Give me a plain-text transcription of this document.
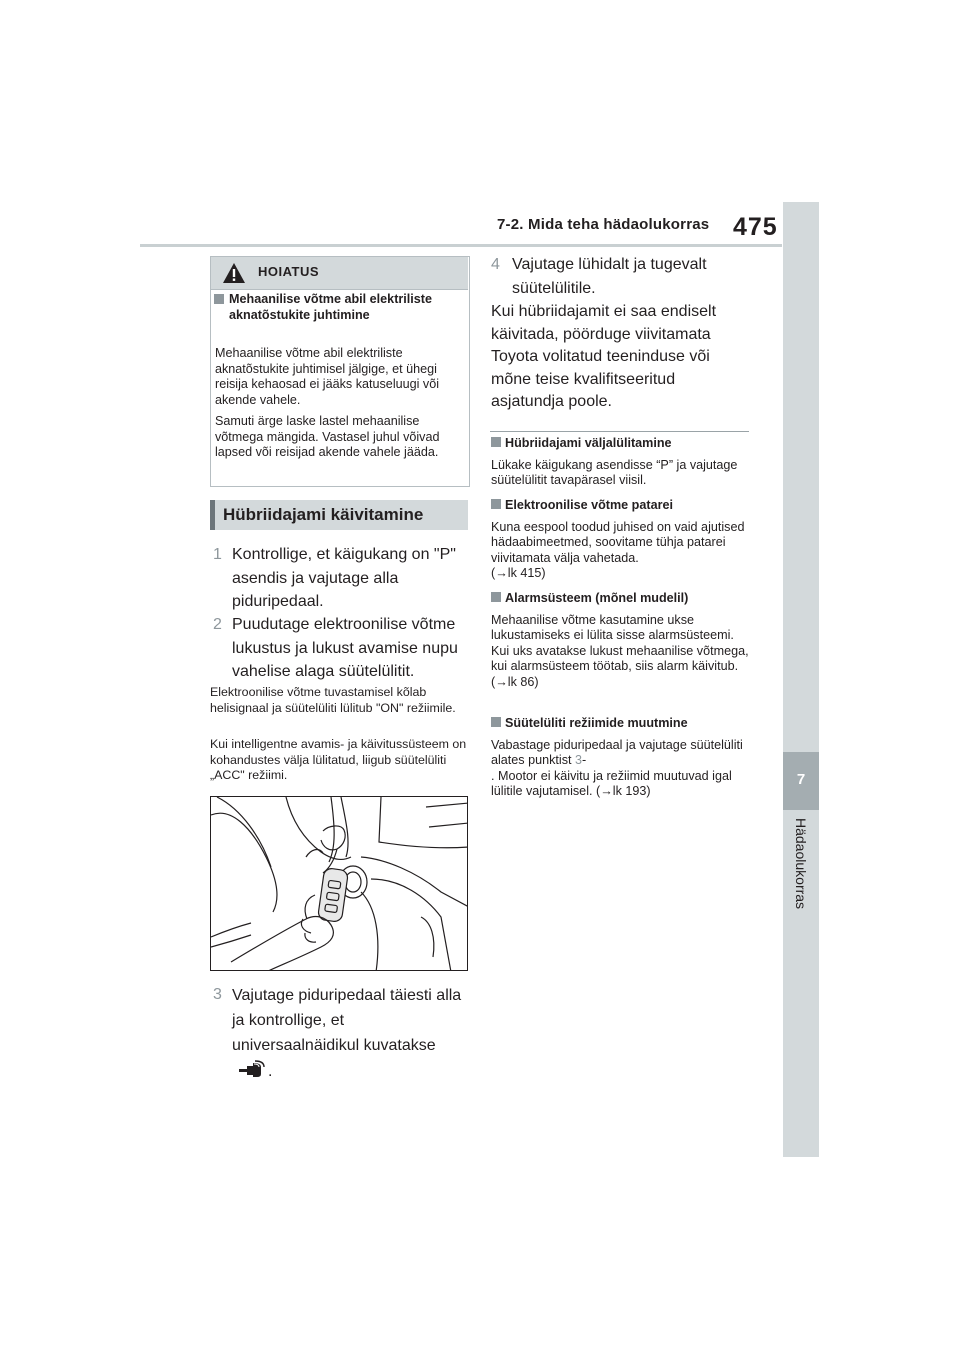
7-2. Mida teha hädaolukorras 475
7
Hädaolukorras
HOIATUS
Mehaanilise võtme abil elektriliste aknatõstukite juhtimine
Mehaanilise võtme abil elektriliste aknatõstukite juhtimisel jälgige, et ühegi reisija kehaosad ei jääks katuseluugi või akende vahele.
Samuti ärge laske lastel mehaanilise võtmega mängida. Vastasel juhul võivad lapsed või reisijad akende vahele jääda.
Hübriidajami käivitamine
1 Kontrollige, et käigukang on "P" asendis ja vajutage alla piduripedaal.
2 Puudutage elektroonilise võtme lukustus ja lukust avamise nupu vahelise alaga süütelülitit.
Elektroonilise võtme tuvastamisel kõlab helisignaal ja süütelüliti lülitub "ON" režiimile.
Kui intelligentne avamis- ja käivitussüsteem on kohandustes välja lülitatud, liigub süütelüliti „ACC" režiimi.
3 Vajutage piduripedaal täiesti alla ja kontrollige, et universaalnäidikul kuvatakse
.
4 Vajutage lühidalt ja tugevalt süütelülitile.
Kui hübriidajamit ei saa endiselt käivitada, pöörduge viivitamata Toyota volitatud teeninduse või mõne teise kvalifitseeritud asjatundja poole.
Hübriidajami väljalülitamine
Lükake käigukang asendisse “P” ja vajutage süütelülitit tavapärasel viisil.
Elektroonilise võtme patarei
Kuna eespool toodud juhised on vaid ajutised hädaabimeetmed, soovitame tühja patarei viivitamata välja vahetada.
(→lk 415)
Alarmsüsteem (mõnel mudelil)
Mehaanilise võtme kasutamine ukse lukustamiseks ei lülita sisse alarmsüsteemi.
Kui uks avatakse lukust mehaanilise võtmega, kui alarmsüsteem töötab, siis alarm käivitub. (→lk 86)
Süütelüliti režiimide muutmine
Vabastage piduripedaal ja vajutage süütelüliti alates punktist 3-
. Mootor ei käivitu ja režiimid muutuvad igal lülitile vajutamisel. (→lk 193)
